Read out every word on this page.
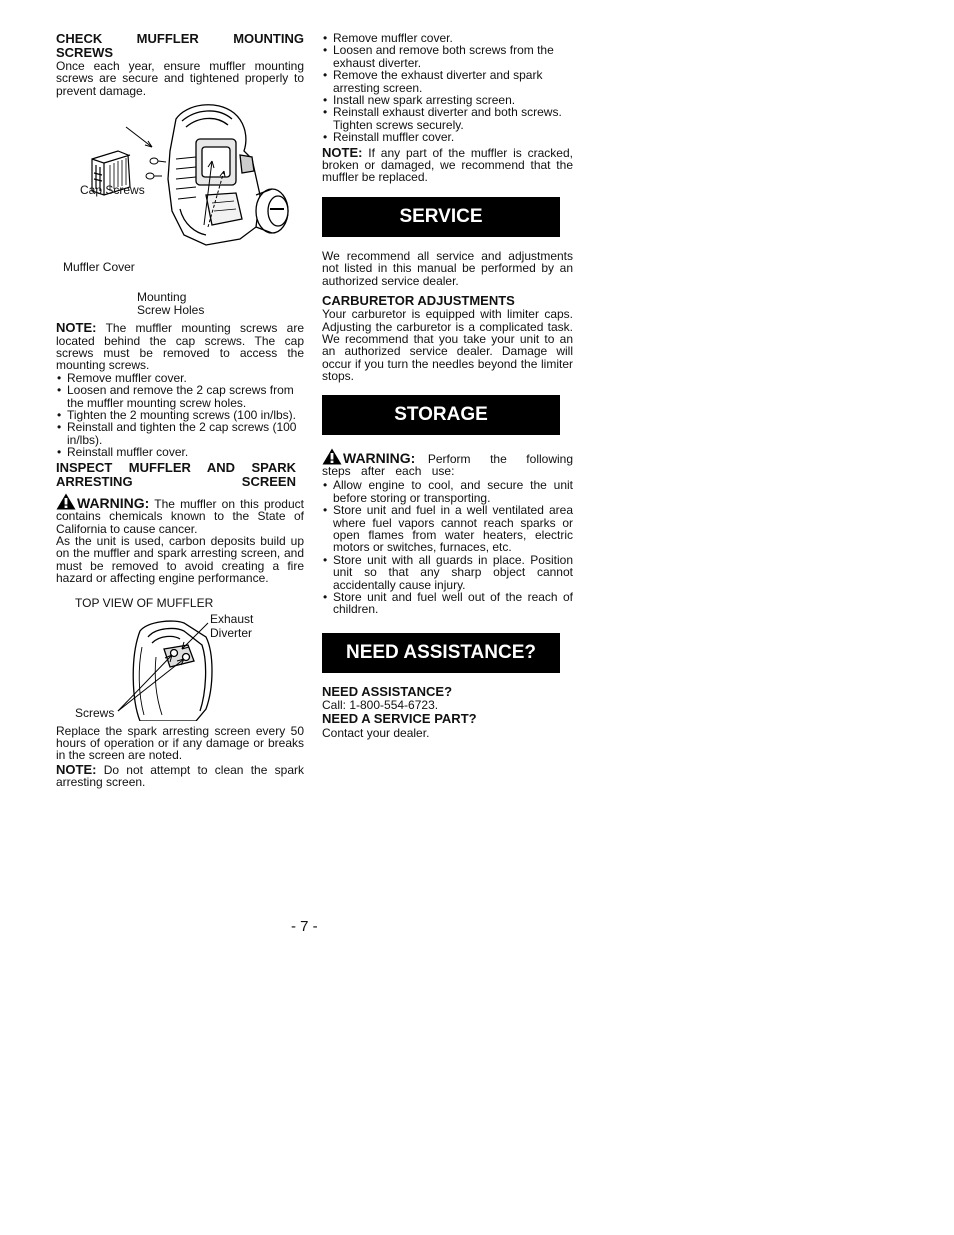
CHECK MUFFLER MOUNTING SCREWS

Once each year, ensure muffler mounting screws are secure and tightened properly to prevent damage.

Cap Screws
Muffler Cover
Mounting
Screw Holes

NOTE: The muffler mounting screws are located behind the cap screws. The cap screws must be removed to access the mounting screws.

• Remove muffler cover.
• Loosen and remove the 2 cap screws from the muffler mounting screw holes.
• Tighten the 2 mounting screws (100 in/lbs).
• Reinstall and tighten the 2 cap screws (100 in/lbs).
• Reinstall muffler cover.
INSPECT MUFFLER AND SPARK ARRESTING SCREEN

WARNING: The muffler on this product contains chemicals known to the State of California to cause cancer.

As the unit is used, carbon deposits build up on the muffler and spark arresting screen, and must be removed to avoid creating a fire hazard or affecting engine performance.

TOP VIEW OF MUFFLER
Exhaust
Diverter
Screws

Replace the spark arresting screen every 50 hours of operation or if any damage or breaks in the screen are noted.

NOTE: Do not attempt to clean the spark arresting screen.

• Remove muffler cover.
• Loosen and remove both screws from the exhaust diverter.
• Remove the exhaust diverter and spark arresting screen.
• Install new spark arresting screen.
• Reinstall exhaust diverter and both screws. Tighten screws securely.
• Reinstall muffler cover.

NOTE: If any part of the muffler is cracked, broken or damaged, we recommend that the muffler be replaced.

SERVICE

We recommend all service and adjustments not listed in this manual be performed by an authorized service dealer.

CARBURETOR ADJUSTMENTS

Your carburetor is equipped with limiter caps. Adjusting the carburetor is a complicated task. We recommend that you take your unit to an an authorized service dealer. Damage will occur if you turn the needles beyond the limiter stops.

STORAGE

WARNING: Perform the following steps after each use:

• Allow engine to cool, and secure the unit before storing or transporting.
• Store unit and fuel in a well ventilated area where fuel vapors cannot reach sparks or open flames from water heaters, electric motors or switches, furnaces, etc.
• Store unit with all guards in place. Position unit so that any sharp object cannot accidentally cause injury.
• Store unit and fuel well out of the reach of children.
NEED ASSISTANCE?
NEED ASSISTANCE?

Call: 1-800-554-6723.

NEED A SERVICE PART?

Contact your dealer.

- 7 -
